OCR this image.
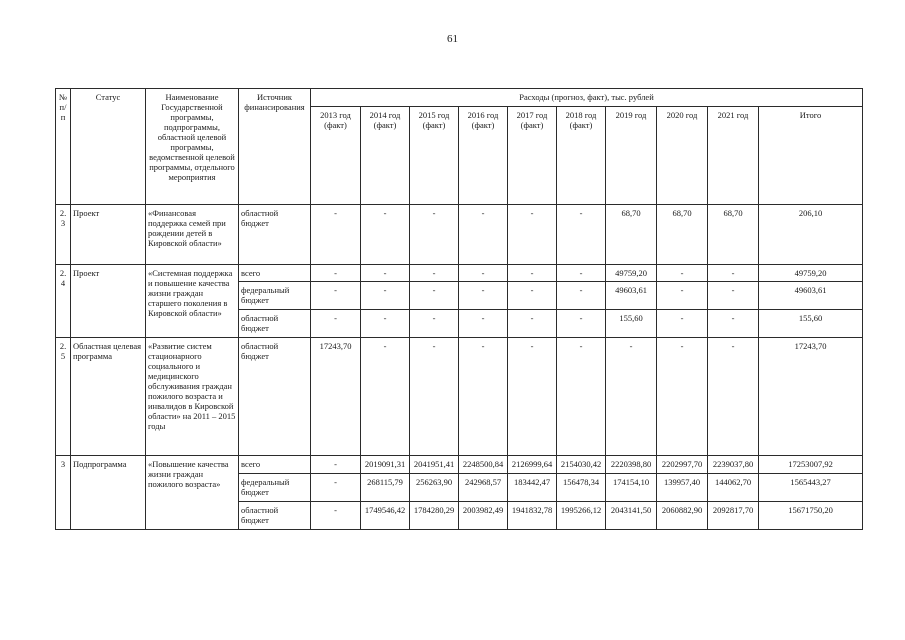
61
№ п/п	Статус	Наименование Государственной программы, подпрограммы, областной целевой программы, ведомственной целевой программы, отдельного мероприятия	Источник финансирования	Расходы (прогноз, факт), тыс. рублей									
				2013 год (факт)	2014 год (факт)	2015 год (факт)	2016 год (факт)	2017 год (факт)	2018 год (факт)	2019 год	2020 год	2021 год	Итого
2.3	Проект	«Финансовая поддержка семей при рождении детей в Кировской области»	областной бюджет	-	-	-	-	-	-	68,70	68,70	68,70	206,10
2.4	Проект	«Системная поддержка и повышение качества жизни граждан старшего поколения в Кировской области»	всего	-	-	-	-	-	-	49759,20	-	-	49759,20
			федеральный бюджет	-	-	-	-	-	-	49603,61	-	-	49603,61
			областной бюджет	-	-	-	-	-	-	155,60	-	-	155,60
2.5	Областная целевая программа	«Развитие систем стационарного социального и медицинского обслуживания граждан пожилого возраста и инвалидов в Кировской области» на 2011 – 2015 годы	областной бюджет	17243,70	-	-	-	-	-	-	-	-	17243,70
3	Подпрограмма	«Повышение качества жизни граждан пожилого возраста»	всего	-	2019091,31	2041951,41	2248500,84	2126999,64	2154030,42	2220398,80	2202997,70	2239037,80	17253007,92
			федеральный бюджет	-	268115,79	256263,90	242968,57	183442,47	156478,34	174154,10	139957,40	144062,70	1565443,27
			областной бюджет	-	1749546,42	1784280,29	2003982,49	1941832,78	1995266,12	2043141,50	2060882,90	2092817,70	15671750,20
